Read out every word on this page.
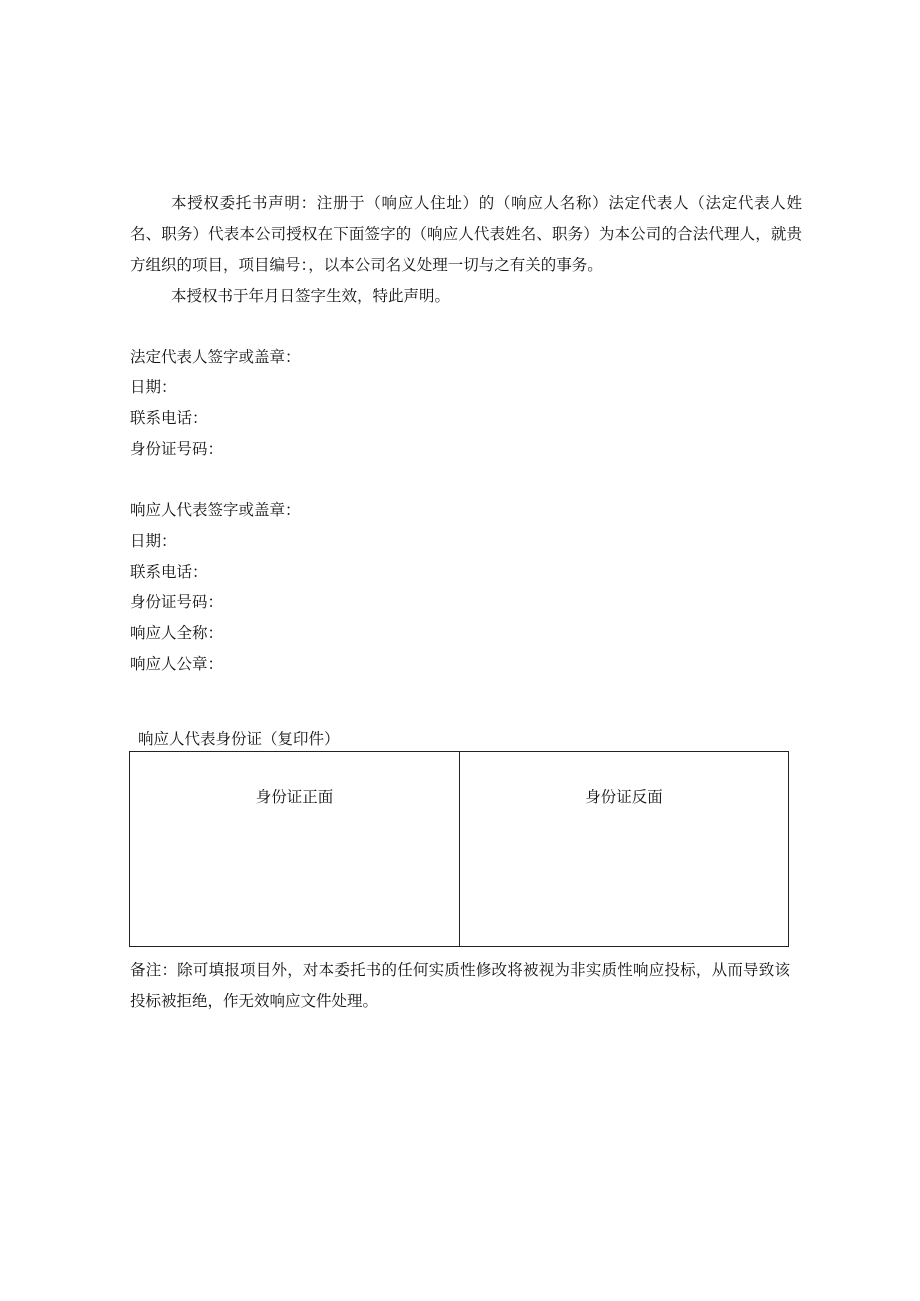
本授权委托书声明：注册于（响应人住址）的（响应人名称）法定代表人（法定代表人姓名、职务）代表本公司授权在下面签字的（响应人代表姓名、职务）为本公司的合法代理人，就贵方组织的项目，项目编号：，以本公司名义处理一切与之有关的事务。

本授权书于年月日签字生效，特此声明。

法定代表人签字或盖章：

日期：

联系电话：

身份证号码：

响应人代表签字或盖章：

日期：

联系电话：

身份证号码：

响应人全称：

响应人公章：

响应人代表身份证（复印件）

身份证正面	身份证反面

备注：除可填报项目外，对本委托书的任何实质性修改将被视为非实质性响应投标，从而导致该投标被拒绝，作无效响应文件处理。
